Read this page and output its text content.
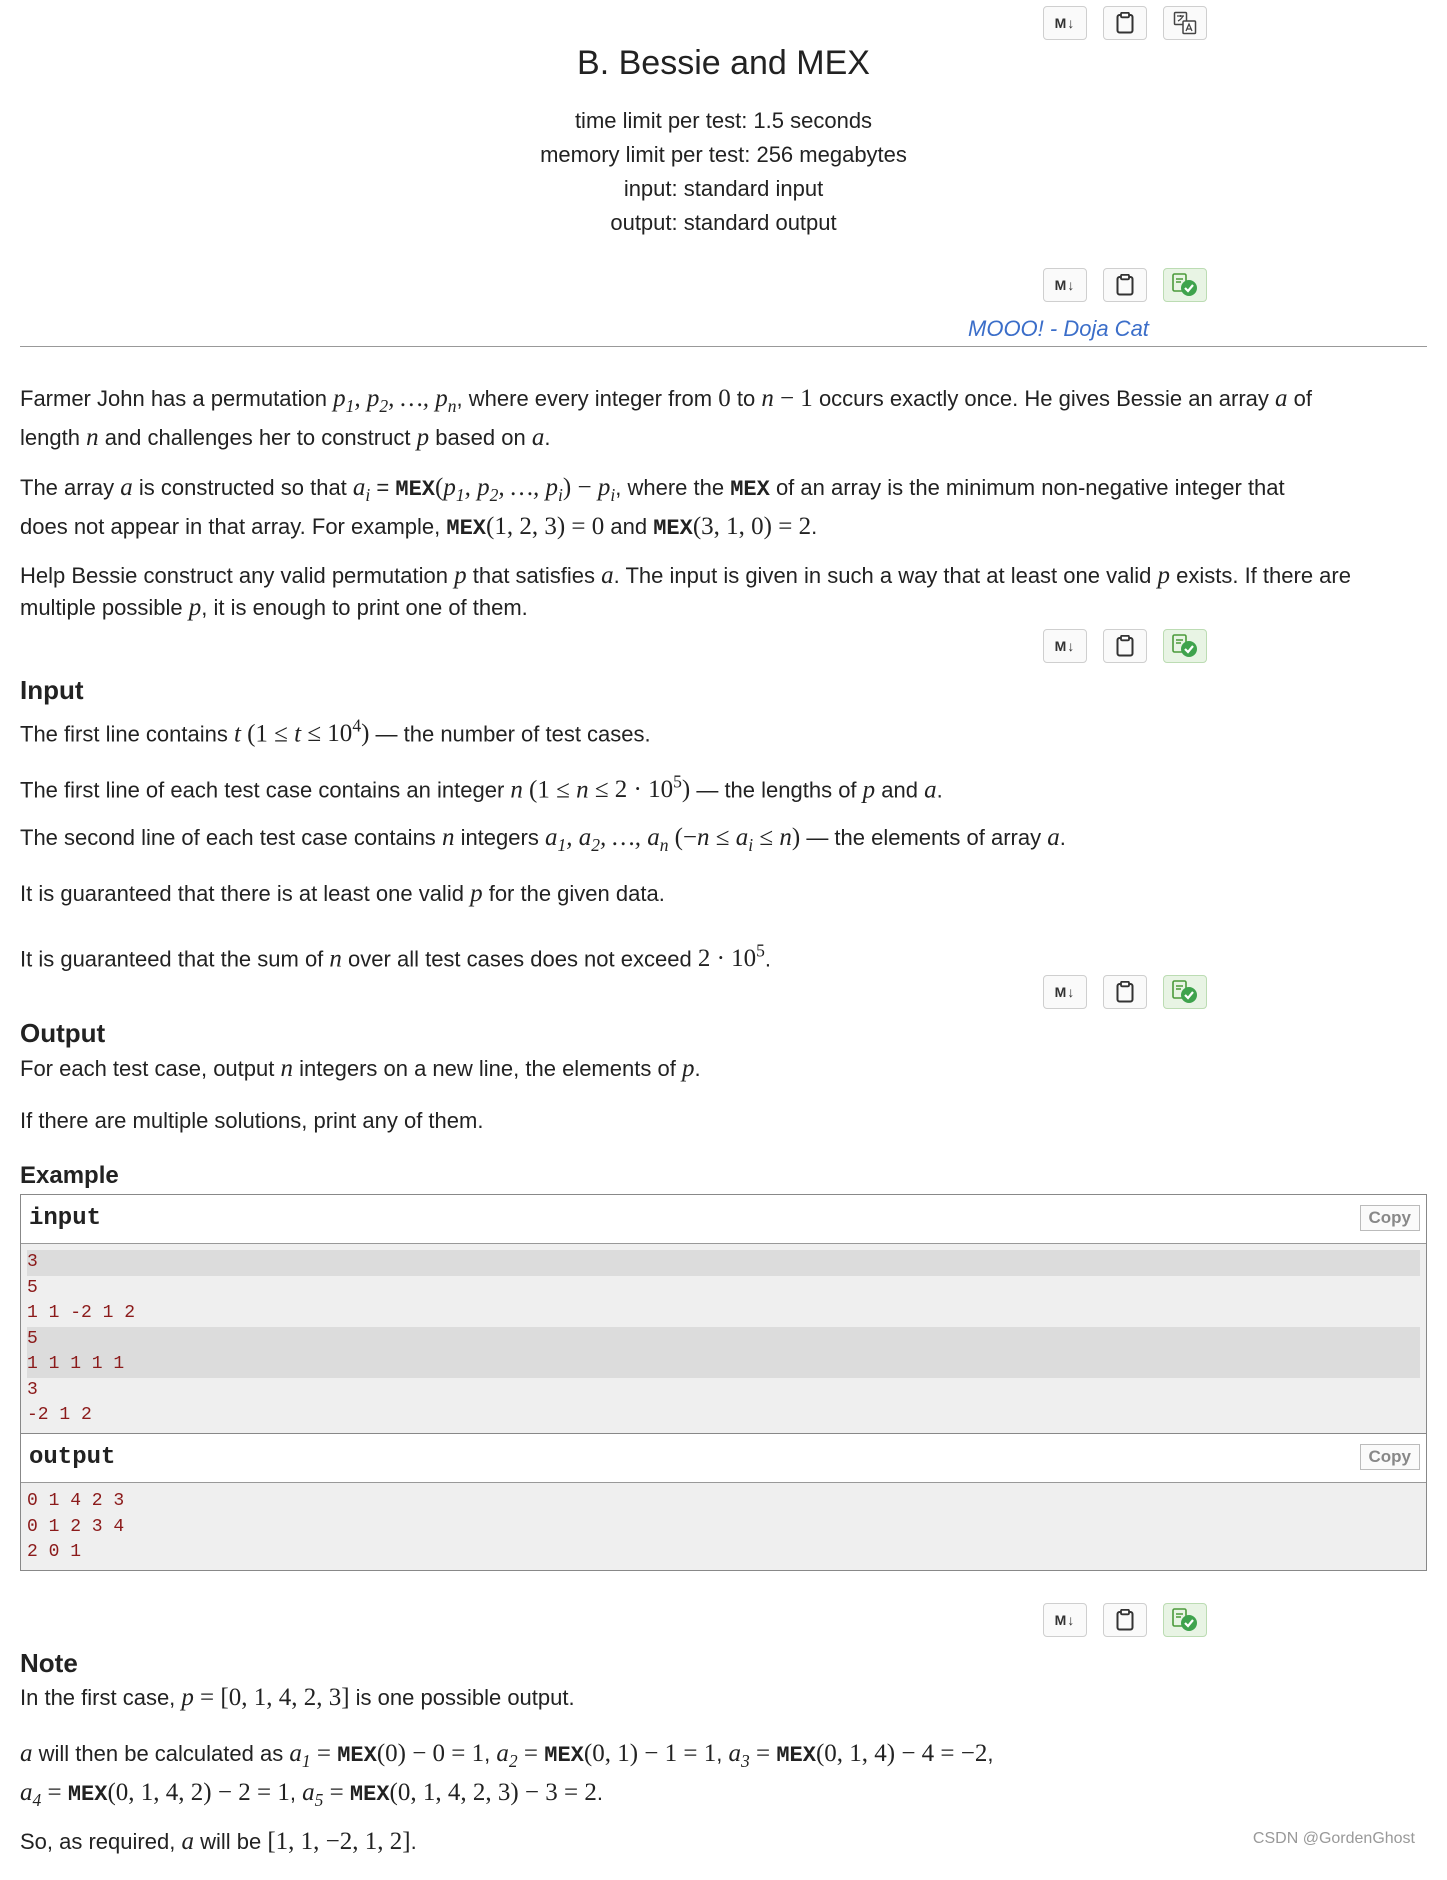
M↓
B. Bessie and MEX
time limit per test: 1.5 seconds
memory limit per test: 256 megabytes
input: standard input
output: standard output
M↓
MOOO! - Doja Cat
Farmer John has a permutation $p_1$, $p_2$, …, $p_n$, where every integer from 0 to n − 1 occurs exactly once. He gives Bessie an array a of
length n and challenges her to construct p based on a.
The array a is constructed so that $a_i = MEX(p_1$, $p_2$, …, $p_i) - p_i$, where the MEX of an array is the minimum non-negative integer that
does not appear in that array. For example, MEX(1, 2, 3) = 0 and MEX(3, 1, 0) = 2.
Help Bessie construct any valid permutation p that satisfies a. The input is given in such a way that at least one valid p exists. If there are
multiple possible p, it is enough to print one of them.
M↓
Input
The first line contains t $(1 \le t \le 10^4)$ — the number of test cases.
The first line of each test case contains an integer n $(1 \le n \le 2 \cdot 10^5)$ — the lengths of p and a.
The second line of each test case contains n integers $a_1$, $a_2$, …, $a_n$ $(-n \le a_i \le n)$ — the elements of array a.
It is guaranteed that there is at least one valid p for the given data.
It is guaranteed that the sum of n over all test cases does not exceed $2 \cdot 10^5$.
M↓
Output
For each test case, output n integers on a new line, the elements of p.
If there are multiple solutions, print any of them.
Example
input	Copy
3
5
1 1 -2 1 2
5
1 1 1 1 1
3
-2 1 2
output	Copy
0 1 4 2 3
0 1 2 3 4
2 0 1
M↓
Note
In the first case, p = [0, 1, 4, 2, 3] is one possible output.
a will then be calculated as $a_1 = MEX(0) - 0 = 1$, $a_2 = MEX(0$, 1) − 1 = 1, $a_3 = MEX(0$, 1, 4) − 4 = −2,
$a_4 = MEX(0$, 1, 4, 2) − 2 = 1, $a_5 = MEX(0$, 1, 4, 2, 3) − 3 = 2.
So, as required, a will be [1, 1, −2, 1, 2].	CSDN @GordenGhost
